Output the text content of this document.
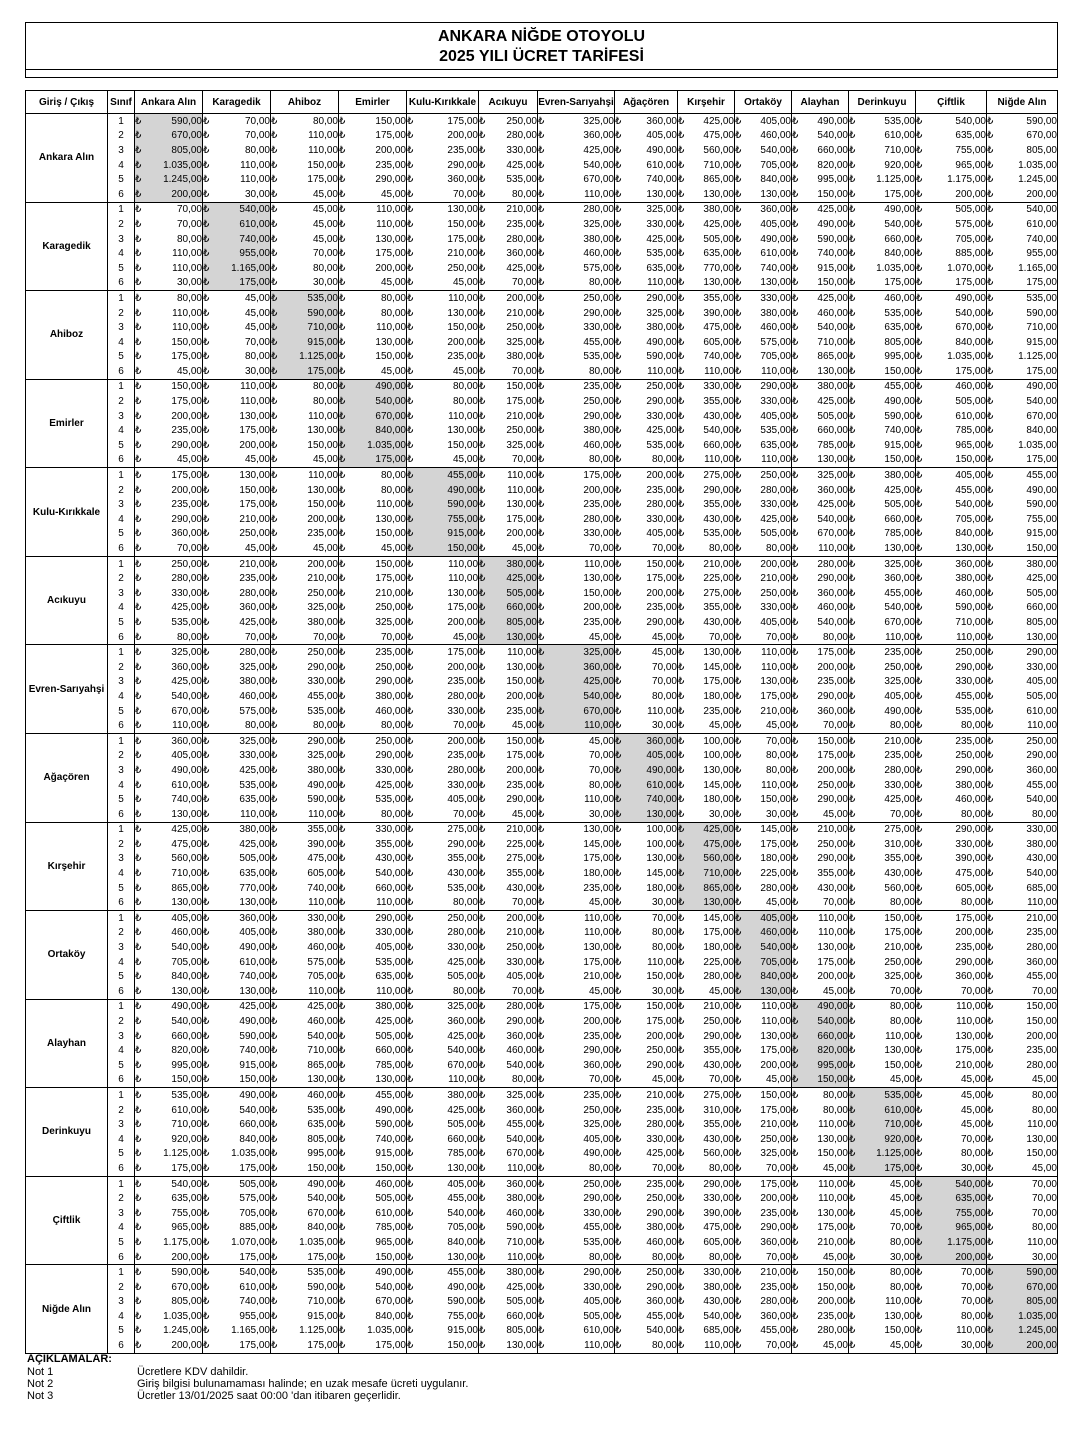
ANKARA NİĞDE OTOYOLU
2025 YILI ÜCRET TARİFESİ
Giriş / Çıkış	Sınıf	Ankara Alın	Karagedik	Ahiboz	Emirler	Kulu-Kırıkkale	Acıkuyu	Evren-Sarıyahşi	Ağaçören	Kırşehir	Ortaköy	Alayhan	Derinkuyu	Çiftlik	Niğde Alın
Ankara Alın	1	₺ 590,00	₺ 70,00	₺ 80,00	₺ 150,00	₺ 175,00	₺ 250,00	₺ 325,00	₺ 360,00	₺ 425,00	₺ 405,00	₺ 490,00	₺ 535,00	₺ 540,00	₺ 590,00

	2	₺ 670,00	₺ 70,00	₺ 110,00	₺ 175,00	₺ 200,00	₺ 280,00	₺ 360,00	₺ 405,00	₺ 475,00	₺ 460,00	₺ 540,00	₺ 610,00	₺ 635,00	₺ 670,00

	3	₺ 805,00	₺ 80,00	₺ 110,00	₺ 200,00	₺ 235,00	₺ 330,00	₺ 425,00	₺ 490,00	₺ 560,00	₺ 540,00	₺ 660,00	₺ 710,00	₺ 755,00	₺ 805,00

	4	₺ 1.035,00	₺ 110,00	₺ 150,00	₺ 235,00	₺ 290,00	₺ 425,00	₺ 540,00	₺ 610,00	₺ 710,00	₺ 705,00	₺ 820,00	₺ 920,00	₺ 965,00	₺ 1.035,00

	5	₺ 1.245,00	₺ 110,00	₺ 175,00	₺ 290,00	₺ 360,00	₺ 535,00	₺ 670,00	₺ 740,00	₺ 865,00	₺ 840,00	₺ 995,00	₺ 1.125,00	₺ 1.175,00	₺ 1.245,00

	6	₺ 200,00	₺ 30,00	₺ 45,00	₺ 45,00	₺ 70,00	₺ 80,00	₺ 110,00	₺ 130,00	₺ 130,00	₺ 130,00	₺ 150,00	₺ 175,00	₺ 200,00	₺ 200,00

Karagedik	1	₺ 70,00	₺ 540,00	₺ 45,00	₺ 110,00	₺ 130,00	₺ 210,00	₺ 280,00	₺ 325,00	₺ 380,00	₺ 360,00	₺ 425,00	₺ 490,00	₺ 505,00	₺ 540,00

	2	₺ 70,00	₺ 610,00	₺ 45,00	₺ 110,00	₺ 150,00	₺ 235,00	₺ 325,00	₺ 330,00	₺ 425,00	₺ 405,00	₺ 490,00	₺ 540,00	₺ 575,00	₺ 610,00

	3	₺ 80,00	₺ 740,00	₺ 45,00	₺ 130,00	₺ 175,00	₺ 280,00	₺ 380,00	₺ 425,00	₺ 505,00	₺ 490,00	₺ 590,00	₺ 660,00	₺ 705,00	₺ 740,00

	4	₺ 110,00	₺ 955,00	₺ 70,00	₺ 175,00	₺ 210,00	₺ 360,00	₺ 460,00	₺ 535,00	₺ 635,00	₺ 610,00	₺ 740,00	₺ 840,00	₺ 885,00	₺ 955,00

	5	₺ 110,00	₺ 1.165,00	₺ 80,00	₺ 200,00	₺ 250,00	₺ 425,00	₺ 575,00	₺ 635,00	₺ 770,00	₺ 740,00	₺ 915,00	₺ 1.035,00	₺ 1.070,00	₺ 1.165,00

	6	₺ 30,00	₺ 175,00	₺ 30,00	₺ 45,00	₺ 45,00	₺ 70,00	₺ 80,00	₺ 110,00	₺ 130,00	₺ 130,00	₺ 150,00	₺ 175,00	₺ 175,00	₺ 175,00

Ahiboz	1	₺ 80,00	₺ 45,00	₺ 535,00	₺ 80,00	₺ 110,00	₺ 200,00	₺ 250,00	₺ 290,00	₺ 355,00	₺ 330,00	₺ 425,00	₺ 460,00	₺ 490,00	₺ 535,00

	2	₺ 110,00	₺ 45,00	₺ 590,00	₺ 80,00	₺ 130,00	₺ 210,00	₺ 290,00	₺ 325,00	₺ 390,00	₺ 380,00	₺ 460,00	₺ 535,00	₺ 540,00	₺ 590,00

	3	₺ 110,00	₺ 45,00	₺ 710,00	₺ 110,00	₺ 150,00	₺ 250,00	₺ 330,00	₺ 380,00	₺ 475,00	₺ 460,00	₺ 540,00	₺ 635,00	₺ 670,00	₺ 710,00

	4	₺ 150,00	₺ 70,00	₺ 915,00	₺ 130,00	₺ 200,00	₺ 325,00	₺ 455,00	₺ 490,00	₺ 605,00	₺ 575,00	₺ 710,00	₺ 805,00	₺ 840,00	₺ 915,00

	5	₺ 175,00	₺ 80,00	₺ 1.125,00	₺ 150,00	₺ 235,00	₺ 380,00	₺ 535,00	₺ 590,00	₺ 740,00	₺ 705,00	₺ 865,00	₺ 995,00	₺ 1.035,00	₺ 1.125,00

	6	₺ 45,00	₺ 30,00	₺ 175,00	₺ 45,00	₺ 45,00	₺ 70,00	₺ 80,00	₺ 110,00	₺ 110,00	₺ 110,00	₺ 130,00	₺ 150,00	₺ 175,00	₺ 175,00

Emirler	1	₺ 150,00	₺ 110,00	₺ 80,00	₺ 490,00	₺ 80,00	₺ 150,00	₺ 235,00	₺ 250,00	₺ 330,00	₺ 290,00	₺ 380,00	₺ 455,00	₺ 460,00	₺ 490,00

	2	₺ 175,00	₺ 110,00	₺ 80,00	₺ 540,00	₺ 80,00	₺ 175,00	₺ 250,00	₺ 290,00	₺ 355,00	₺ 330,00	₺ 425,00	₺ 490,00	₺ 505,00	₺ 540,00

	3	₺ 200,00	₺ 130,00	₺ 110,00	₺ 670,00	₺ 110,00	₺ 210,00	₺ 290,00	₺ 330,00	₺ 430,00	₺ 405,00	₺ 505,00	₺ 590,00	₺ 610,00	₺ 670,00

	4	₺ 235,00	₺ 175,00	₺ 130,00	₺ 840,00	₺ 130,00	₺ 250,00	₺ 380,00	₺ 425,00	₺ 540,00	₺ 535,00	₺ 660,00	₺ 740,00	₺ 785,00	₺ 840,00

	5	₺ 290,00	₺ 200,00	₺ 150,00	₺ 1.035,00	₺ 150,00	₺ 325,00	₺ 460,00	₺ 535,00	₺ 660,00	₺ 635,00	₺ 785,00	₺ 915,00	₺ 965,00	₺ 1.035,00

	6	₺ 45,00	₺ 45,00	₺ 45,00	₺ 175,00	₺ 45,00	₺ 70,00	₺ 80,00	₺ 80,00	₺ 110,00	₺ 110,00	₺ 130,00	₺ 150,00	₺ 150,00	₺ 175,00

Kulu-Kırıkkale	1	₺ 175,00	₺ 130,00	₺ 110,00	₺ 80,00	₺ 455,00	₺ 110,00	₺ 175,00	₺ 200,00	₺ 275,00	₺ 250,00	₺ 325,00	₺ 380,00	₺ 405,00	₺ 455,00

	2	₺ 200,00	₺ 150,00	₺ 130,00	₺ 80,00	₺ 490,00	₺ 110,00	₺ 200,00	₺ 235,00	₺ 290,00	₺ 280,00	₺ 360,00	₺ 425,00	₺ 455,00	₺ 490,00

	3	₺ 235,00	₺ 175,00	₺ 150,00	₺ 110,00	₺ 590,00	₺ 130,00	₺ 235,00	₺ 280,00	₺ 355,00	₺ 330,00	₺ 425,00	₺ 505,00	₺ 540,00	₺ 590,00

	4	₺ 290,00	₺ 210,00	₺ 200,00	₺ 130,00	₺ 755,00	₺ 175,00	₺ 280,00	₺ 330,00	₺ 430,00	₺ 425,00	₺ 540,00	₺ 660,00	₺ 705,00	₺ 755,00

	5	₺ 360,00	₺ 250,00	₺ 235,00	₺ 150,00	₺ 915,00	₺ 200,00	₺ 330,00	₺ 405,00	₺ 535,00	₺ 505,00	₺ 670,00	₺ 785,00	₺ 840,00	₺ 915,00

	6	₺ 70,00	₺ 45,00	₺ 45,00	₺ 45,00	₺ 150,00	₺ 45,00	₺ 70,00	₺ 70,00	₺ 80,00	₺ 80,00	₺ 110,00	₺ 130,00	₺ 130,00	₺ 150,00

Acıkuyu	1	₺ 250,00	₺ 210,00	₺ 200,00	₺ 150,00	₺ 110,00	₺ 380,00	₺ 110,00	₺ 150,00	₺ 210,00	₺ 200,00	₺ 280,00	₺ 325,00	₺ 360,00	₺ 380,00

	2	₺ 280,00	₺ 235,00	₺ 210,00	₺ 175,00	₺ 110,00	₺ 425,00	₺ 130,00	₺ 175,00	₺ 225,00	₺ 210,00	₺ 290,00	₺ 360,00	₺ 380,00	₺ 425,00

	3	₺ 330,00	₺ 280,00	₺ 250,00	₺ 210,00	₺ 130,00	₺ 505,00	₺ 150,00	₺ 200,00	₺ 275,00	₺ 250,00	₺ 360,00	₺ 455,00	₺ 460,00	₺ 505,00

	4	₺ 425,00	₺ 360,00	₺ 325,00	₺ 250,00	₺ 175,00	₺ 660,00	₺ 200,00	₺ 235,00	₺ 355,00	₺ 330,00	₺ 460,00	₺ 540,00	₺ 590,00	₺ 660,00

	5	₺ 535,00	₺ 425,00	₺ 380,00	₺ 325,00	₺ 200,00	₺ 805,00	₺ 235,00	₺ 290,00	₺ 430,00	₺ 405,00	₺ 540,00	₺ 670,00	₺ 710,00	₺ 805,00

	6	₺ 80,00	₺ 70,00	₺ 70,00	₺ 70,00	₺ 45,00	₺ 130,00	₺ 45,00	₺ 45,00	₺ 70,00	₺ 70,00	₺ 80,00	₺ 110,00	₺ 110,00	₺ 130,00

Evren-Sarıyahşi	1	₺ 325,00	₺ 280,00	₺ 250,00	₺ 235,00	₺ 175,00	₺ 110,00	₺ 325,00	₺ 45,00	₺ 130,00	₺ 110,00	₺ 175,00	₺ 235,00	₺ 250,00	₺ 290,00

	2	₺ 360,00	₺ 325,00	₺ 290,00	₺ 250,00	₺ 200,00	₺ 130,00	₺ 360,00	₺ 70,00	₺ 145,00	₺ 110,00	₺ 200,00	₺ 250,00	₺ 290,00	₺ 330,00

	3	₺ 425,00	₺ 380,00	₺ 330,00	₺ 290,00	₺ 235,00	₺ 150,00	₺ 425,00	₺ 70,00	₺ 175,00	₺ 130,00	₺ 235,00	₺ 325,00	₺ 330,00	₺ 405,00

	4	₺ 540,00	₺ 460,00	₺ 455,00	₺ 380,00	₺ 280,00	₺ 200,00	₺ 540,00	₺ 80,00	₺ 180,00	₺ 175,00	₺ 290,00	₺ 405,00	₺ 455,00	₺ 505,00

	5	₺ 670,00	₺ 575,00	₺ 535,00	₺ 460,00	₺ 330,00	₺ 235,00	₺ 670,00	₺ 110,00	₺ 235,00	₺ 210,00	₺ 360,00	₺ 490,00	₺ 535,00	₺ 610,00

	6	₺ 110,00	₺ 80,00	₺ 80,00	₺ 80,00	₺ 70,00	₺ 45,00	₺ 110,00	₺ 30,00	₺ 45,00	₺ 45,00	₺ 70,00	₺ 80,00	₺ 80,00	₺ 110,00

Ağaçören	1	₺ 360,00	₺ 325,00	₺ 290,00	₺ 250,00	₺ 200,00	₺ 150,00	₺ 45,00	₺ 360,00	₺ 100,00	₺ 70,00	₺ 150,00	₺ 210,00	₺ 235,00	₺ 250,00

	2	₺ 405,00	₺ 330,00	₺ 325,00	₺ 290,00	₺ 235,00	₺ 175,00	₺ 70,00	₺ 405,00	₺ 100,00	₺ 80,00	₺ 175,00	₺ 235,00	₺ 250,00	₺ 290,00

	3	₺ 490,00	₺ 425,00	₺ 380,00	₺ 330,00	₺ 280,00	₺ 200,00	₺ 70,00	₺ 490,00	₺ 130,00	₺ 80,00	₺ 200,00	₺ 280,00	₺ 290,00	₺ 360,00

	4	₺ 610,00	₺ 535,00	₺ 490,00	₺ 425,00	₺ 330,00	₺ 235,00	₺ 80,00	₺ 610,00	₺ 145,00	₺ 110,00	₺ 250,00	₺ 330,00	₺ 380,00	₺ 455,00

	5	₺ 740,00	₺ 635,00	₺ 590,00	₺ 535,00	₺ 405,00	₺ 290,00	₺ 110,00	₺ 740,00	₺ 180,00	₺ 150,00	₺ 290,00	₺ 425,00	₺ 460,00	₺ 540,00

	6	₺ 130,00	₺ 110,00	₺ 110,00	₺ 80,00	₺ 70,00	₺ 45,00	₺ 30,00	₺ 130,00	₺ 30,00	₺ 30,00	₺ 45,00	₺ 70,00	₺ 80,00	₺ 80,00

Kırşehir	1	₺ 425,00	₺ 380,00	₺ 355,00	₺ 330,00	₺ 275,00	₺ 210,00	₺ 130,00	₺ 100,00	₺ 425,00	₺ 145,00	₺ 210,00	₺ 275,00	₺ 290,00	₺ 330,00

	2	₺ 475,00	₺ 425,00	₺ 390,00	₺ 355,00	₺ 290,00	₺ 225,00	₺ 145,00	₺ 100,00	₺ 475,00	₺ 175,00	₺ 250,00	₺ 310,00	₺ 330,00	₺ 380,00

	3	₺ 560,00	₺ 505,00	₺ 475,00	₺ 430,00	₺ 355,00	₺ 275,00	₺ 175,00	₺ 130,00	₺ 560,00	₺ 180,00	₺ 290,00	₺ 355,00	₺ 390,00	₺ 430,00

	4	₺ 710,00	₺ 635,00	₺ 605,00	₺ 540,00	₺ 430,00	₺ 355,00	₺ 180,00	₺ 145,00	₺ 710,00	₺ 225,00	₺ 355,00	₺ 430,00	₺ 475,00	₺ 540,00

	5	₺ 865,00	₺ 770,00	₺ 740,00	₺ 660,00	₺ 535,00	₺ 430,00	₺ 235,00	₺ 180,00	₺ 865,00	₺ 280,00	₺ 430,00	₺ 560,00	₺ 605,00	₺ 685,00

	6	₺ 130,00	₺ 130,00	₺ 110,00	₺ 110,00	₺ 80,00	₺ 70,00	₺ 45,00	₺ 30,00	₺ 130,00	₺ 45,00	₺ 70,00	₺ 80,00	₺ 80,00	₺ 110,00

Ortaköy	1	₺ 405,00	₺ 360,00	₺ 330,00	₺ 290,00	₺ 250,00	₺ 200,00	₺ 110,00	₺ 70,00	₺ 145,00	₺ 405,00	₺ 110,00	₺ 150,00	₺ 175,00	₺ 210,00

	2	₺ 460,00	₺ 405,00	₺ 380,00	₺ 330,00	₺ 280,00	₺ 210,00	₺ 110,00	₺ 80,00	₺ 175,00	₺ 460,00	₺ 110,00	₺ 175,00	₺ 200,00	₺ 235,00

	3	₺ 540,00	₺ 490,00	₺ 460,00	₺ 405,00	₺ 330,00	₺ 250,00	₺ 130,00	₺ 80,00	₺ 180,00	₺ 540,00	₺ 130,00	₺ 210,00	₺ 235,00	₺ 280,00

	4	₺ 705,00	₺ 610,00	₺ 575,00	₺ 535,00	₺ 425,00	₺ 330,00	₺ 175,00	₺ 110,00	₺ 225,00	₺ 705,00	₺ 175,00	₺ 250,00	₺ 290,00	₺ 360,00

	5	₺ 840,00	₺ 740,00	₺ 705,00	₺ 635,00	₺ 505,00	₺ 405,00	₺ 210,00	₺ 150,00	₺ 280,00	₺ 840,00	₺ 200,00	₺ 325,00	₺ 360,00	₺ 455,00

	6	₺ 130,00	₺ 130,00	₺ 110,00	₺ 110,00	₺ 80,00	₺ 70,00	₺ 45,00	₺ 30,00	₺ 45,00	₺ 130,00	₺ 45,00	₺ 70,00	₺ 70,00	₺ 70,00

Alayhan	1	₺ 490,00	₺ 425,00	₺ 425,00	₺ 380,00	₺ 325,00	₺ 280,00	₺ 175,00	₺ 150,00	₺ 210,00	₺ 110,00	₺ 490,00	₺ 80,00	₺ 110,00	₺ 150,00

	2	₺ 540,00	₺ 490,00	₺ 460,00	₺ 425,00	₺ 360,00	₺ 290,00	₺ 200,00	₺ 175,00	₺ 250,00	₺ 110,00	₺ 540,00	₺ 80,00	₺ 110,00	₺ 150,00

	3	₺ 660,00	₺ 590,00	₺ 540,00	₺ 505,00	₺ 425,00	₺ 360,00	₺ 235,00	₺ 200,00	₺ 290,00	₺ 130,00	₺ 660,00	₺ 110,00	₺ 130,00	₺ 200,00

	4	₺ 820,00	₺ 740,00	₺ 710,00	₺ 660,00	₺ 540,00	₺ 460,00	₺ 290,00	₺ 250,00	₺ 355,00	₺ 175,00	₺ 820,00	₺ 130,00	₺ 175,00	₺ 235,00

	5	₺ 995,00	₺ 915,00	₺ 865,00	₺ 785,00	₺ 670,00	₺ 540,00	₺ 360,00	₺ 290,00	₺ 430,00	₺ 200,00	₺ 995,00	₺ 150,00	₺ 210,00	₺ 280,00

	6	₺ 150,00	₺ 150,00	₺ 130,00	₺ 130,00	₺ 110,00	₺ 80,00	₺ 70,00	₺ 45,00	₺ 70,00	₺ 45,00	₺ 150,00	₺ 45,00	₺ 45,00	₺ 45,00

Derinkuyu	1	₺ 535,00	₺ 490,00	₺ 460,00	₺ 455,00	₺ 380,00	₺ 325,00	₺ 235,00	₺ 210,00	₺ 275,00	₺ 150,00	₺ 80,00	₺ 535,00	₺ 45,00	₺ 80,00

	2	₺ 610,00	₺ 540,00	₺ 535,00	₺ 490,00	₺ 425,00	₺ 360,00	₺ 250,00	₺ 235,00	₺ 310,00	₺ 175,00	₺ 80,00	₺ 610,00	₺ 45,00	₺ 80,00

	3	₺ 710,00	₺ 660,00	₺ 635,00	₺ 590,00	₺ 505,00	₺ 455,00	₺ 325,00	₺ 280,00	₺ 355,00	₺ 210,00	₺ 110,00	₺ 710,00	₺ 45,00	₺ 110,00

	4	₺ 920,00	₺ 840,00	₺ 805,00	₺ 740,00	₺ 660,00	₺ 540,00	₺ 405,00	₺ 330,00	₺ 430,00	₺ 250,00	₺ 130,00	₺ 920,00	₺ 70,00	₺ 130,00

	5	₺ 1.125,00	₺ 1.035,00	₺ 995,00	₺ 915,00	₺ 785,00	₺ 670,00	₺ 490,00	₺ 425,00	₺ 560,00	₺ 325,00	₺ 150,00	₺ 1.125,00	₺ 80,00	₺ 150,00

	6	₺ 175,00	₺ 175,00	₺ 150,00	₺ 150,00	₺ 130,00	₺ 110,00	₺ 80,00	₺ 70,00	₺ 80,00	₺ 70,00	₺ 45,00	₺ 175,00	₺ 30,00	₺ 45,00

Çiftlik	1	₺ 540,00	₺ 505,00	₺ 490,00	₺ 460,00	₺ 405,00	₺ 360,00	₺ 250,00	₺ 235,00	₺ 290,00	₺ 175,00	₺ 110,00	₺ 45,00	₺ 540,00	₺ 70,00

	2	₺ 635,00	₺ 575,00	₺ 540,00	₺ 505,00	₺ 455,00	₺ 380,00	₺ 290,00	₺ 250,00	₺ 330,00	₺ 200,00	₺ 110,00	₺ 45,00	₺ 635,00	₺ 70,00

	3	₺ 755,00	₺ 705,00	₺ 670,00	₺ 610,00	₺ 540,00	₺ 460,00	₺ 330,00	₺ 290,00	₺ 390,00	₺ 235,00	₺ 130,00	₺ 45,00	₺ 755,00	₺ 70,00

	4	₺ 965,00	₺ 885,00	₺ 840,00	₺ 785,00	₺ 705,00	₺ 590,00	₺ 455,00	₺ 380,00	₺ 475,00	₺ 290,00	₺ 175,00	₺ 70,00	₺ 965,00	₺ 80,00

	5	₺ 1.175,00	₺ 1.070,00	₺ 1.035,00	₺ 965,00	₺ 840,00	₺ 710,00	₺ 535,00	₺ 460,00	₺ 605,00	₺ 360,00	₺ 210,00	₺ 80,00	₺ 1.175,00	₺ 110,00

	6	₺ 200,00	₺ 175,00	₺ 175,00	₺ 150,00	₺ 130,00	₺ 110,00	₺ 80,00	₺ 80,00	₺ 80,00	₺ 70,00	₺ 45,00	₺ 30,00	₺ 200,00	₺ 30,00

Niğde Alın	1	₺ 590,00	₺ 540,00	₺ 535,00	₺ 490,00	₺ 455,00	₺ 380,00	₺ 290,00	₺ 250,00	₺ 330,00	₺ 210,00	₺ 150,00	₺ 80,00	₺ 70,00	₺ 590,00

	2	₺ 670,00	₺ 610,00	₺ 590,00	₺ 540,00	₺ 490,00	₺ 425,00	₺ 330,00	₺ 290,00	₺ 380,00	₺ 235,00	₺ 150,00	₺ 80,00	₺ 70,00	₺ 670,00

	3	₺ 805,00	₺ 740,00	₺ 710,00	₺ 670,00	₺ 590,00	₺ 505,00	₺ 405,00	₺ 360,00	₺ 430,00	₺ 280,00	₺ 200,00	₺ 110,00	₺ 70,00	₺ 805,00

	4	₺ 1.035,00	₺ 955,00	₺ 915,00	₺ 840,00	₺ 755,00	₺ 660,00	₺ 505,00	₺ 455,00	₺ 540,00	₺ 360,00	₺ 235,00	₺ 130,00	₺ 80,00	₺ 1.035,00

	5	₺ 1.245,00	₺ 1.165,00	₺ 1.125,00	₺ 1.035,00	₺ 915,00	₺ 805,00	₺ 610,00	₺ 540,00	₺ 685,00	₺ 455,00	₺ 280,00	₺ 150,00	₺ 110,00	₺ 1.245,00

	6	₺ 200,00	₺ 175,00	₺ 175,00	₺ 175,00	₺ 150,00	₺ 130,00	₺ 110,00	₺ 80,00	₺ 110,00	₺ 70,00	₺ 45,00	₺ 45,00	₺ 30,00	₺ 200,00
AÇIKLAMALAR:
Not 1	Ücretlere KDV dahildir.
Not 2	Giriş bilgisi bulunamaması halinde; en uzak mesafe ücreti uygulanır.
Not 3	Ücretler 13/01/2025 saat 00:00 'dan itibaren geçerlidir.
